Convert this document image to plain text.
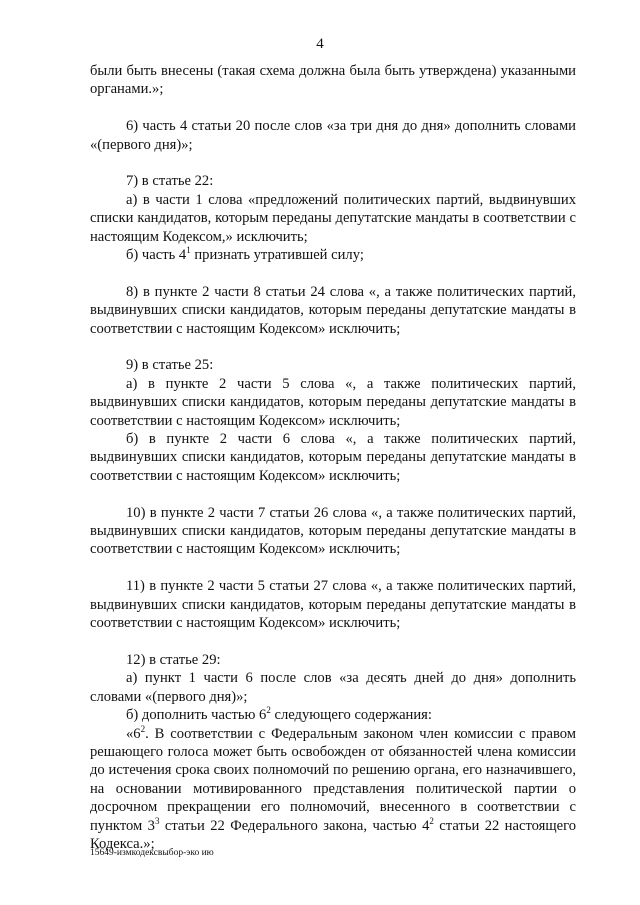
4

были быть внесены (такая схема должна была быть утверждена) указанными органами.»;

6) часть 4 статьи 20 после слов «за три дня до дня» дополнить словами «(первого дня)»;

7) в статье 22:

а) в части 1 слова «предложений политических партий, выдвинувших списки кандидатов, которым переданы депутатские мандаты в соответствии с настоящим Кодексом,» исключить;

б) часть $4^1$ признать утратившей силу;

8) в пункте 2 части 8 статьи 24 слова «, а также политических партий, выдвинувших списки кандидатов, которым переданы депутатские мандаты в соответствии с настоящим Кодексом» исключить;

9) в статье 25:

а) в пункте 2 части 5 слова «, а также политических партий, выдвинувших списки кандидатов, которым переданы депутатские мандаты в соответствии с настоящим Кодексом» исключить;

б) в пункте 2 части 6 слова «, а также политических партий, выдвинувших списки кандидатов, которым переданы депутатские мандаты в соответствии с настоящим Кодексом» исключить;

10) в пункте 2 части 7 статьи 26 слова «, а также политических партий, выдвинувших списки кандидатов, которым переданы депутатские мандаты в соответствии с настоящим Кодексом» исключить;

11) в пункте 2 части 5 статьи 27 слова «, а также политических партий, выдвинувших списки кандидатов, которым переданы депутатские мандаты в соответствии с настоящим Кодексом» исключить;

12) в статье 29:

а) пункт 1 части 6 после слов «за десять дней до дня» дополнить словами «(первого дня)»;

б) дополнить частью $6^2$ следующего содержания:

«$6^2$. В соответствии с Федеральным законом член комиссии с правом решающего голоса может быть освобожден от обязанностей члена комиссии до истечения срока своих полномочий по решению органа, его назначившего, на основании мотивированного представления политической партии о досрочном прекращении его полномочий, внесенного в соответствии с пунктом $3^3$ статьи 22 Федерального закона, частью $4^2$ статьи 22 настоящего Кодекса.»;

15649-измкодексвыбор-эко ию
